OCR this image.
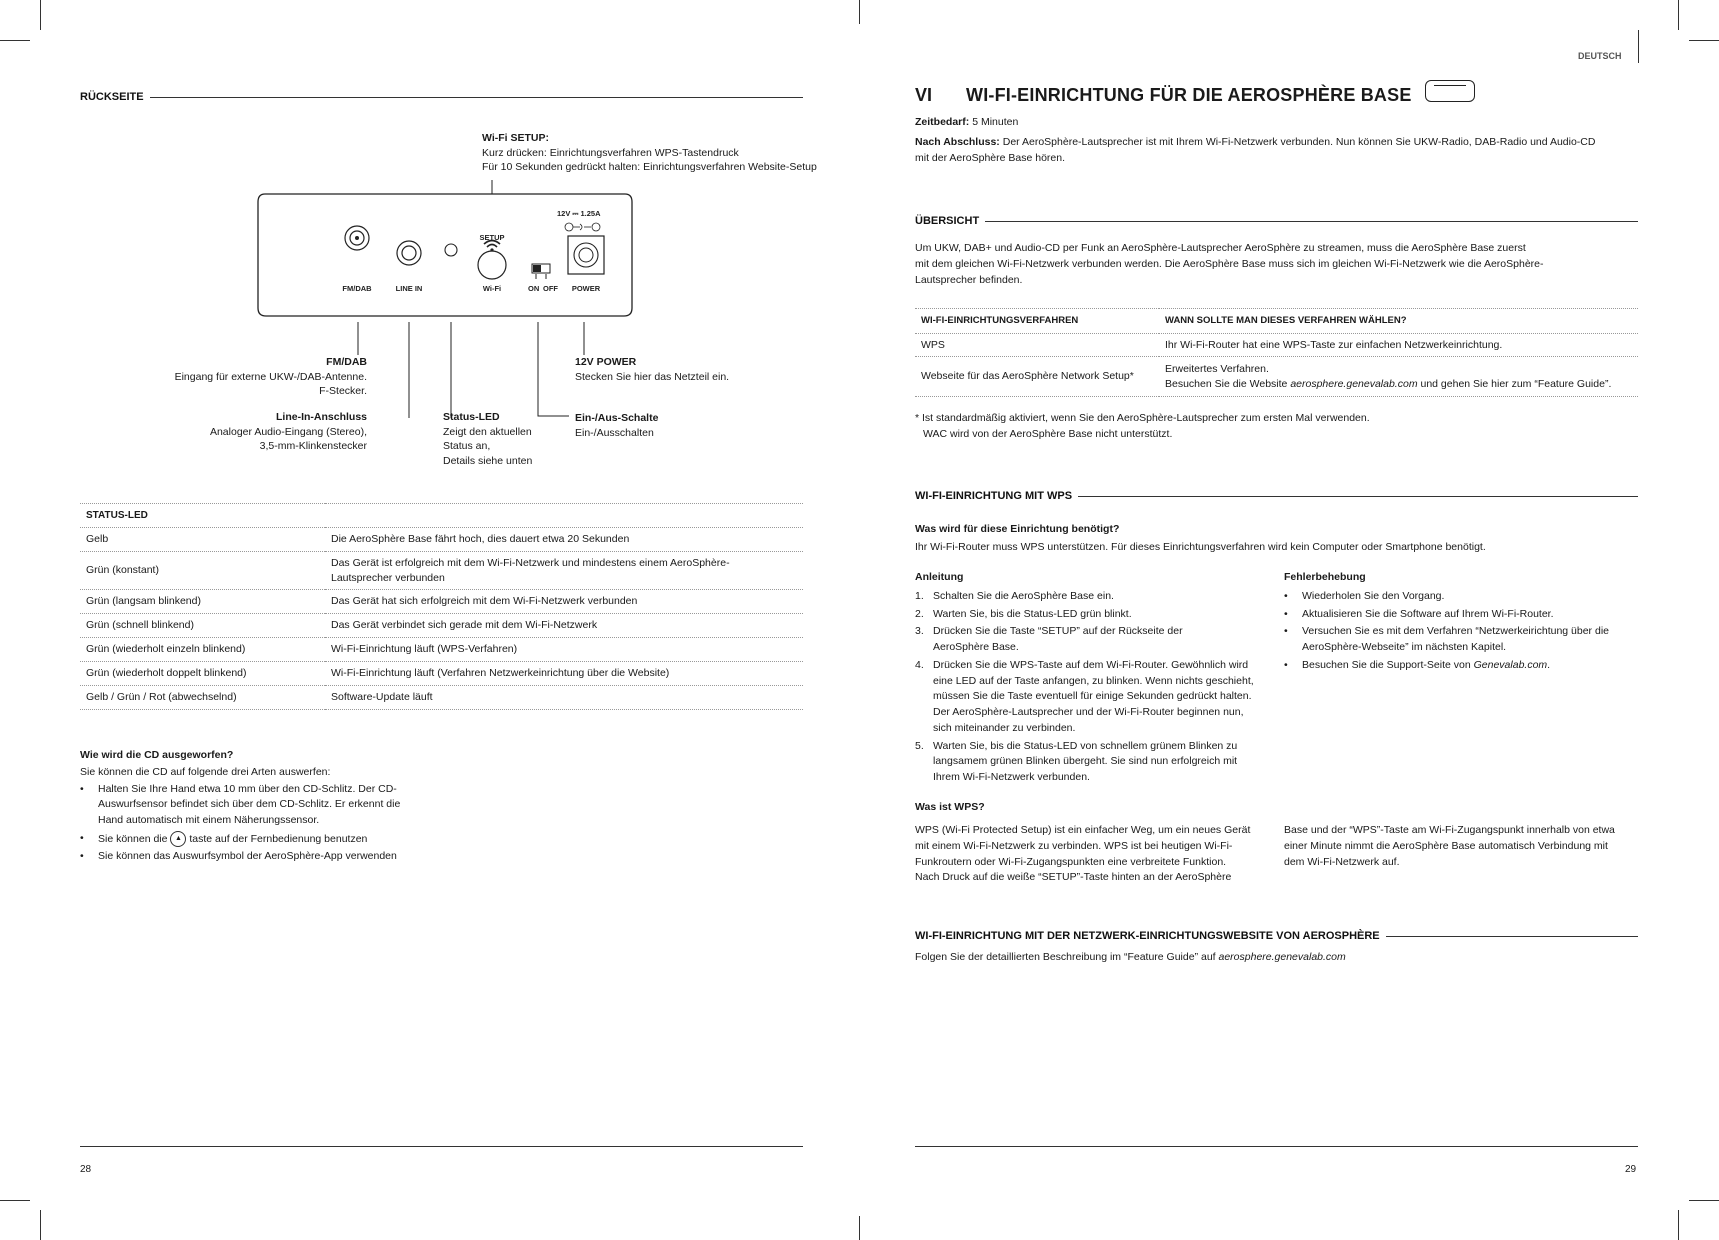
RÜCKSEITE
Wi-Fi SETUP:
Kurz drücken: Einrichtungsverfahren WPS-Tastendruck
Für 10 Sekunden gedrückt halten: Einrichtungsverfahren Website-Setup
FM/DAB	LINE IN
SETUP
Wi-Fi	ON OFF
12V ⎓ 1.25A
POWER
FM/DAB
Eingang für externe UKW-/DAB-Antenne.
F-Stecker.
Line-In-Anschluss
Analoger Audio-Eingang (Stereo),
3,5-mm-Klinkenstecker
Status-LED
Zeigt den aktuellen
Status an,
Details siehe unten
12V POWER
Stecken Sie hier das Netzteil ein.
Ein-/Aus-Schalte
Ein-/Ausschalten
STATUS-LED	
Gelb	Die AeroSphère Base fährt hoch, dies dauert etwa 20 Sekunden
Grün (konstant)	Das Gerät ist erfolgreich mit dem Wi-Fi-Netzwerk und mindestens einem AeroSphère-
Lautsprecher verbunden

Grün (langsam blinkend)	Das Gerät hat sich erfolgreich mit dem Wi-Fi-Netzwerk verbunden
Grün (schnell blinkend)	Das Gerät verbindet sich gerade mit dem Wi-Fi-Netzwerk
Grün (wiederholt einzeln blinkend)	Wi-Fi-Einrichtung läuft (WPS-Verfahren)
Grün (wiederholt doppelt blinkend)	Wi-Fi-Einrichtung läuft (Verfahren Netzwerkeinrichtung über die Website)
Gelb / Grün / Rot (abwechselnd)	Software-Update läuft
Wie wird die CD ausgeworfen?
Sie können die CD auf folgende drei Arten auswerfen:
• Halten Sie Ihre Hand etwa 10 mm über den CD-Schlitz. Der CD-
Auswurfsensor befindet sich über dem CD-Schlitz. Er erkennt die
Hand automatisch mit einem Näherungssensor.
• Sie können die ▲ taste auf der Fernbedienung benutzen
• Sie können das Auswurfsymbol der AeroSphère-App verwenden
28
DEUTSCH
VI WI-FI-EINRICHTUNG FÜR DIE AEROSPHÈRE BASE
Zeitbedarf: 5 Minuten
Nach Abschluss: Der AeroSphère-Lautsprecher ist mit Ihrem Wi-Fi-Netzwerk verbunden. Nun können Sie UKW-Radio, DAB-Radio und Audio-CD
mit der AeroSphère Base hören.
ÜBERSICHT
Um UKW, DAB+ und Audio-CD per Funk an AeroSphère-Lautsprecher AeroSphère zu streamen, muss die AeroSphère Base zuerst
mit dem gleichen Wi-Fi-Netzwerk verbunden werden. Die AeroSphère Base muss sich im gleichen Wi-Fi-Netzwerk wie die AeroSphère-
Lautsprecher befinden.
WI-FI-EINRICHTUNGSVERFAHREN	WANN SOLLTE MAN DIESES VERFAHREN WÄHLEN?
WPS	Ihr Wi-Fi-Router hat eine WPS-Taste zur einfachen Netzwerkeinrichtung.
Webseite für das AeroSphère Network Setup*	Erweitertes Verfahren.
Besuchen Sie die Website aerosphere.genevalab.com und gehen Sie hier zum “Feature Guide”.
* Ist standardmäßig aktiviert, wenn Sie den AeroSphère-Lautsprecher zum ersten Mal verwenden.
WAC wird von der AeroSphère Base nicht unterstützt.
WI-FI-EINRICHTUNG MIT WPS
Was wird für diese Einrichtung benötigt?
Ihr Wi-Fi-Router muss WPS unterstützen. Für dieses Einrichtungsverfahren wird kein Computer oder Smartphone benötigt.
Anleitung
1. Schalten Sie die AeroSphère Base ein.
2. Warten Sie, bis die Status-LED grün blinkt.
3. Drücken Sie die Taste “SETUP” auf der Rückseite der
AeroSphère Base.
4. Drücken Sie die WPS-Taste auf dem Wi-Fi-Router. Gewöhnlich wird
eine LED auf der Taste anfangen, zu blinken. Wenn nichts geschieht,
müssen Sie die Taste eventuell für einige Sekunden gedrückt halten.
Der AeroSphère-Lautsprecher und der Wi-Fi-Router beginnen nun,
sich miteinander zu verbinden.
5. Warten Sie, bis die Status-LED von schnellem grünem Blinken zu
langsamem grünen Blinken übergeht. Sie sind nun erfolgreich mit
Ihrem Wi-Fi-Netzwerk verbunden.
Fehlerbehebung
• Wiederholen Sie den Vorgang.
• Aktualisieren Sie die Software auf Ihrem Wi-Fi-Router.
• Versuchen Sie es mit dem Verfahren “Netzwerkeirichtung über die
AeroSphère-Webseite” im nächsten Kapitel.
• Besuchen Sie die Support-Seite von Genevalab.com.
Was ist WPS?
WPS (Wi-Fi Protected Setup) ist ein einfacher Weg, um ein neues Gerät
mit einem Wi-Fi-Netzwerk zu verbinden. WPS ist bei heutigen Wi-Fi-
Funkroutern oder Wi-Fi-Zugangspunkten eine verbreitete Funktion.
Nach Druck auf die weiße “SETUP”-Taste hinten an der AeroSphère
Base und der “WPS”-Taste am Wi-Fi-Zugangspunkt innerhalb von etwa
einer Minute nimmt die AeroSphère Base automatisch Verbindung mit
dem Wi-Fi-Netzwerk auf.
WI-FI-EINRICHTUNG MIT DER NETZWERK-EINRICHTUNGSWEBSITE VON AEROSPHÈRE
Folgen Sie der detaillierten Beschreibung im “Feature Guide” auf aerosphere.genevalab.com
29
